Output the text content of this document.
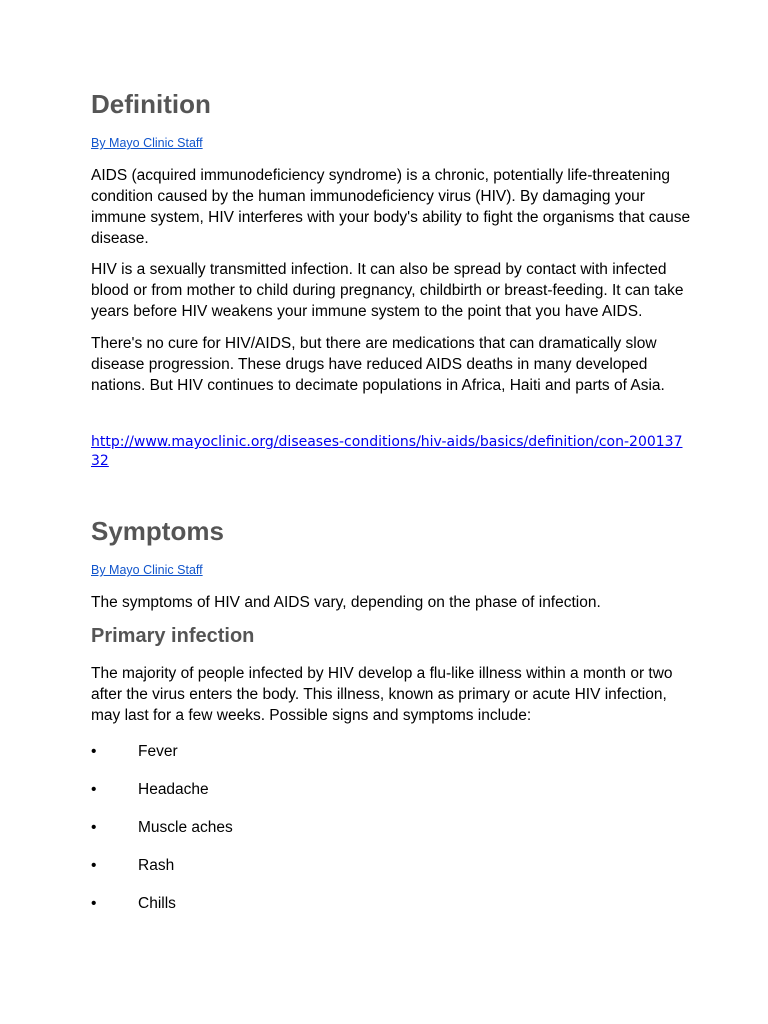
Definition
By Mayo Clinic Staff

AIDS (acquired immunodeficiency syndrome) is a chronic, potentially life-threatening condition caused by the human immunodeficiency virus (HIV). By damaging your immune system, HIV interferes with your body's ability to fight the organisms that cause disease.

HIV is a sexually transmitted infection. It can also be spread by contact with infected blood or from mother to child during pregnancy, childbirth or breast-feeding. It can take years before HIV weakens your immune system to the point that you have AIDS.

There's no cure for HIV/AIDS, but there are medications that can dramatically slow disease progression. These drugs have reduced AIDS deaths in many developed nations. But HIV continues to decimate populations in Africa, Haiti and parts of Asia.

http://www.mayoclinic.org/diseases-conditions/hiv-aids/basics/definition/con-20013732
Symptoms
By Mayo Clinic Staff

The symptoms of HIV and AIDS vary, depending on the phase of infection.

Primary infection

The majority of people infected by HIV develop a flu-like illness within a month or two after the virus enters the body. This illness, known as primary or acute HIV infection, may last for a few weeks. Possible signs and symptoms include:

•	Fever
•	Headache
•	Muscle aches
•	Rash
•	Chills
